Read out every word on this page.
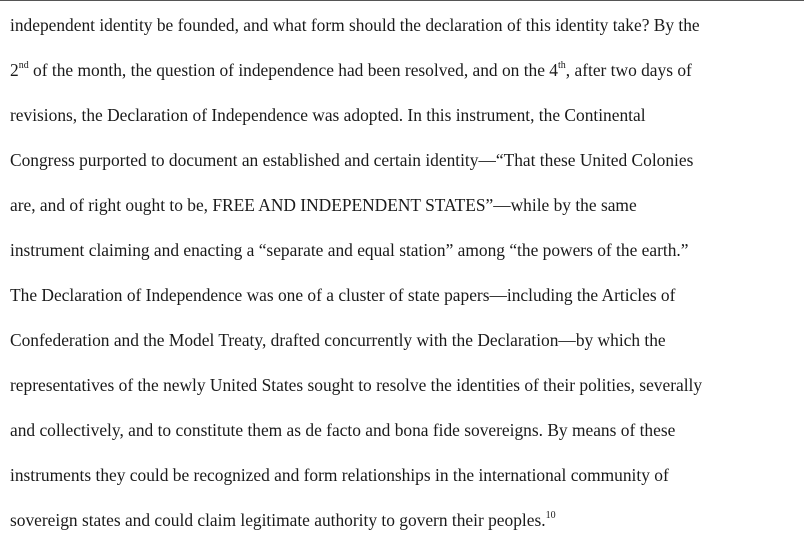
independent identity be founded, and what form should the declaration of this identity take? By the
2nd of the month, the question of independence had been resolved, and on the 4th, after two days of
revisions, the Declaration of Independence was adopted. In this instrument, the Continental
Congress purported to document an established and certain identity—“That these United Colonies
are, and of right ought to be, FREE AND INDEPENDENT STATES”—while by the same
instrument claiming and enacting a “separate and equal station” among “the powers of the earth.”
The Declaration of Independence was one of a cluster of state papers—including the Articles of
Confederation and the Model Treaty, drafted concurrently with the Declaration—by which the
representatives of the newly United States sought to resolve the identities of their polities, severally
and collectively, and to constitute them as de facto and bona fide sovereigns. By means of these
instruments they could be recognized and form relationships in the international community of
sovereign states and could claim legitimate authority to govern their peoples.$^{10}$
